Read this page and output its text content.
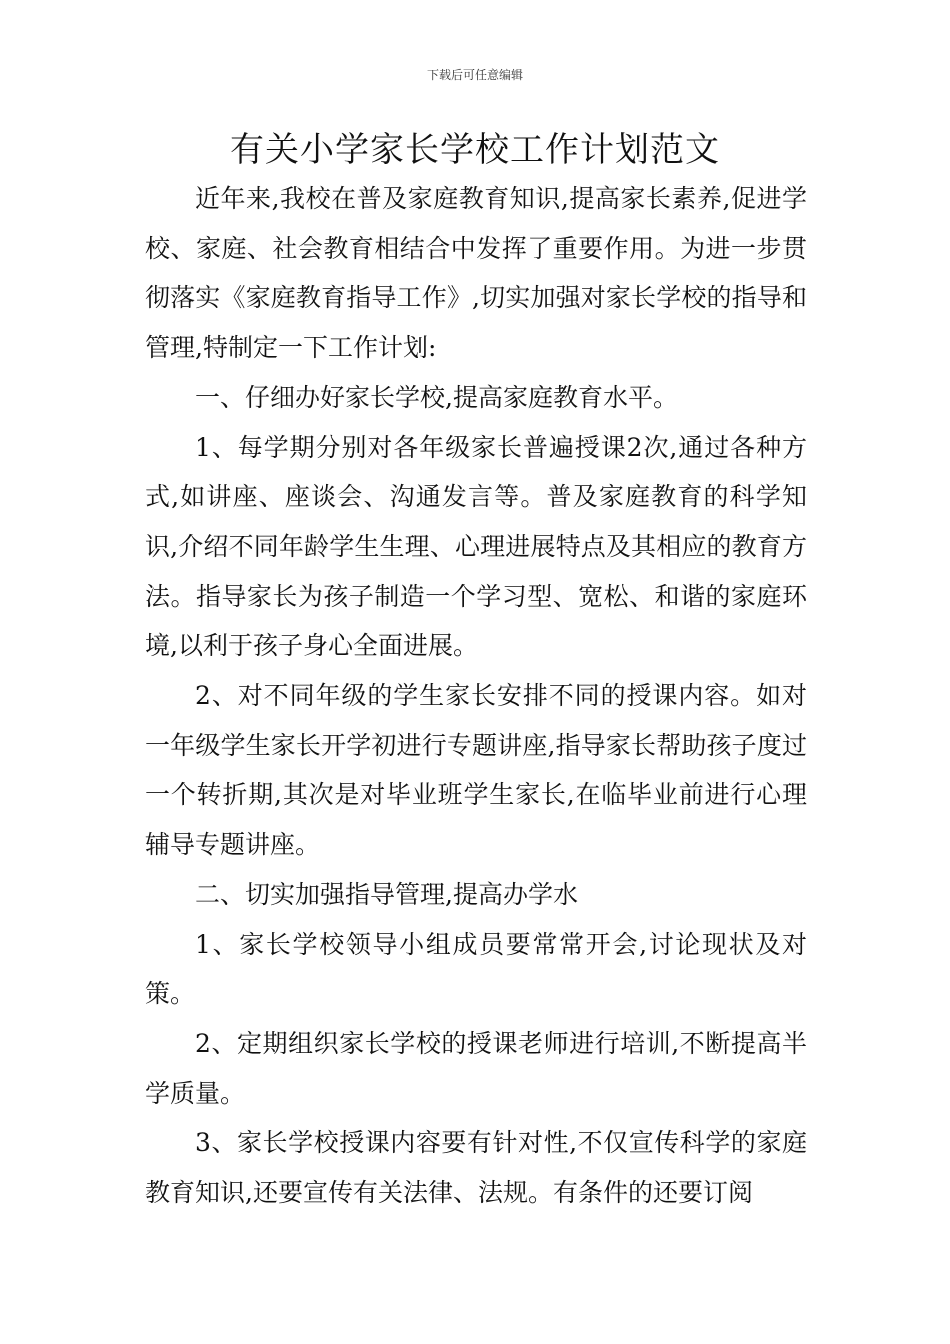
下载后可任意编辑
有关小学家长学校工作计划范文

近年来,我校在普及家庭教育知识,提高家长素养,促进学校、家庭、社会教育相结合中发挥了重要作用。为进一步贯彻落实《家庭教育指导工作》,切实加强对家长学校的指导和管理,特制定一下工作计划:

一、仔细办好家长学校,提高家庭教育水平。

1、每学期分别对各年级家长普遍授课2次,通过各种方式,如讲座、座谈会、沟通发言等。普及家庭教育的科学知识,介绍不同年龄学生生理、心理进展特点及其相应的教育方法。指导家长为孩子制造一个学习型、宽松、和谐的家庭环境,以利于孩子身心全面进展。

2、对不同年级的学生家长安排不同的授课内容。如对一年级学生家长开学初进行专题讲座,指导家长帮助孩子度过一个转折期,其次是对毕业班学生家长,在临毕业前进行心理辅导专题讲座。

二、切实加强指导管理,提高办学水

1、家长学校领导小组成员要常常开会,讨论现状及对策。

2、定期组织家长学校的授课老师进行培训,不断提高半学质量。

3、家长学校授课内容要有针对性,不仅宣传科学的家庭教育知识,还要宣传有关法律、法规。有条件的还要订阅
